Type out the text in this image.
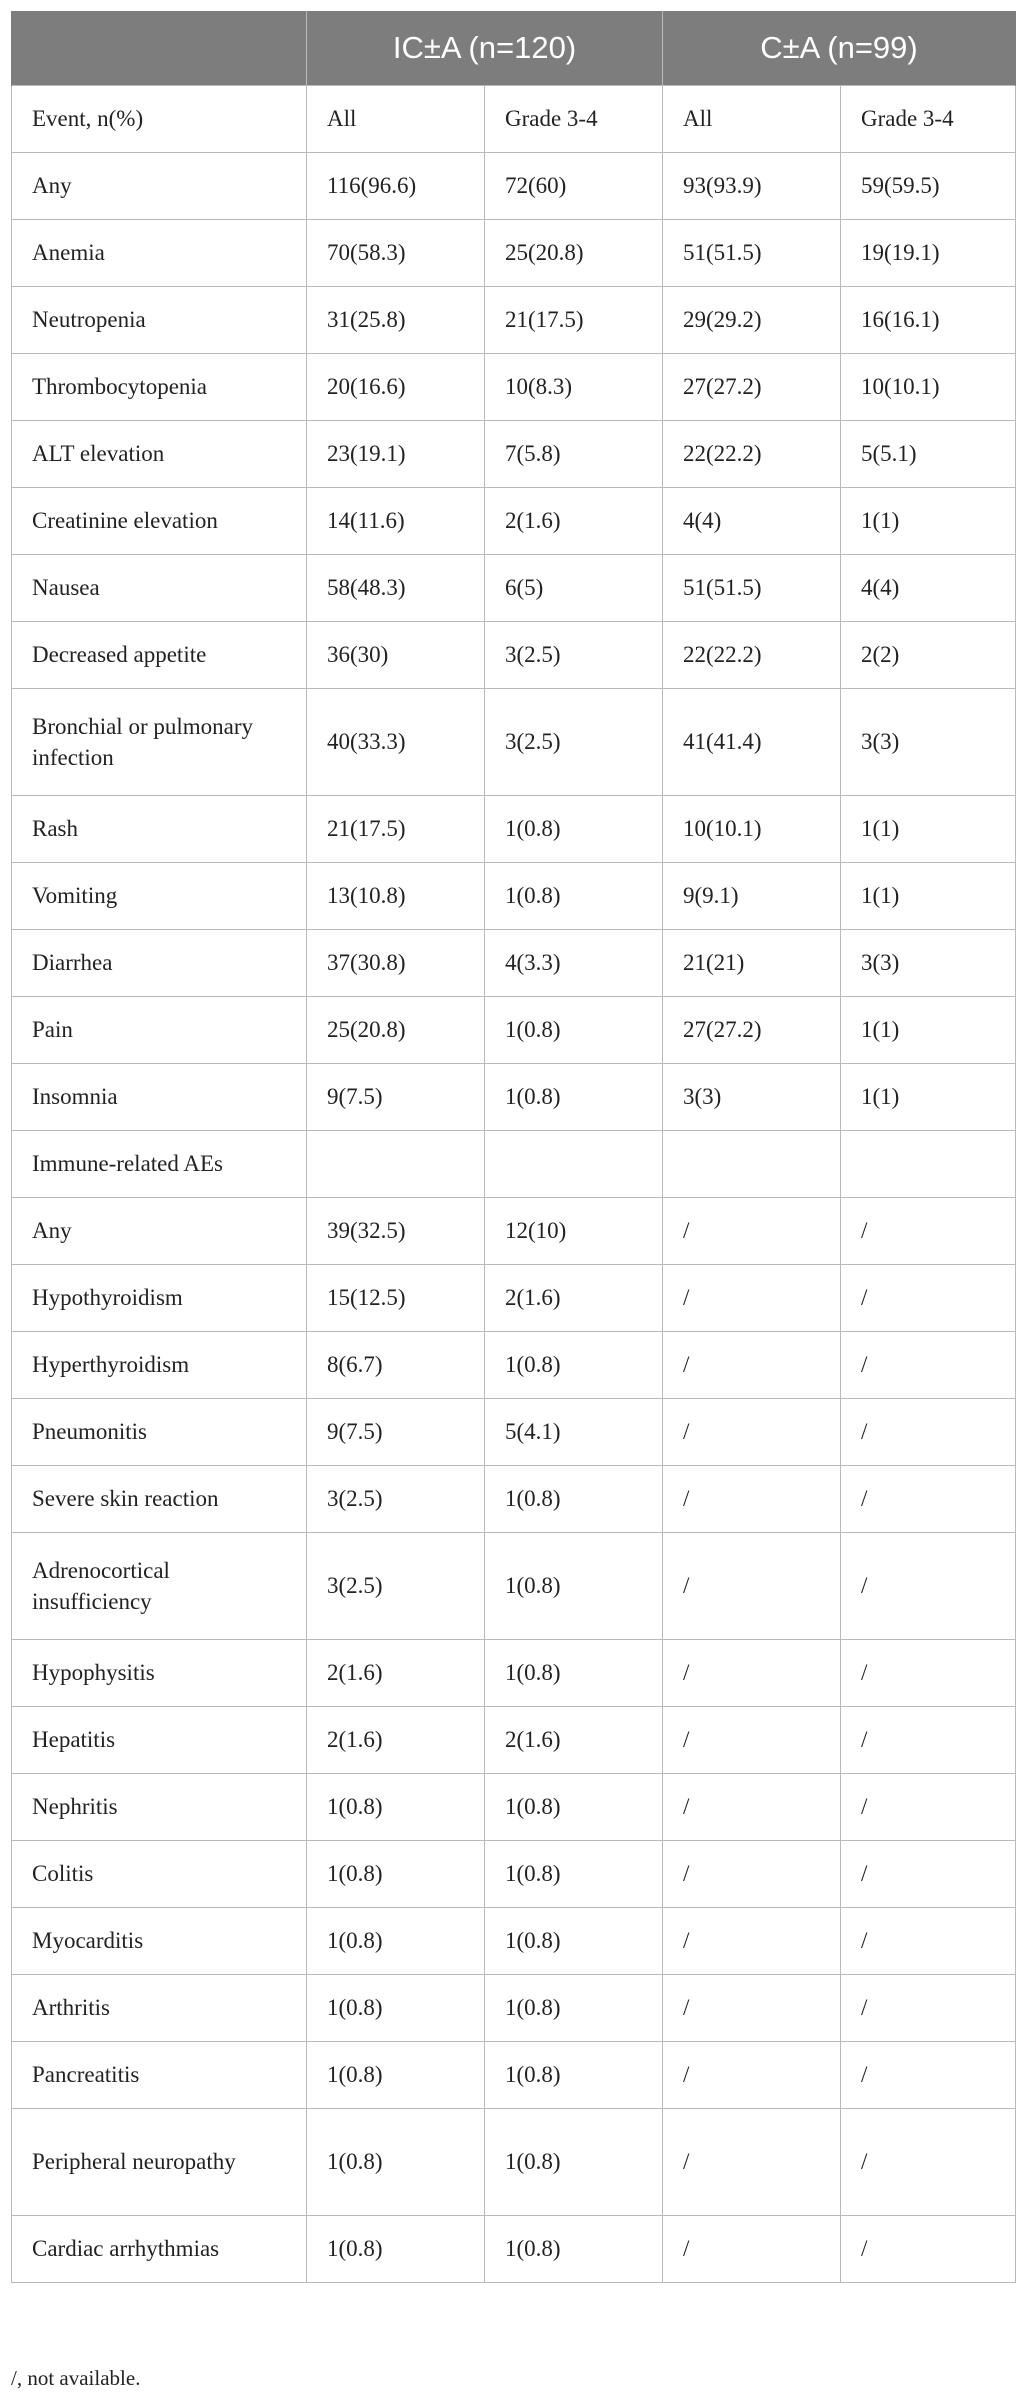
	IC±A (n=120)		C±A (n=99)	
Event, n(%)	All	Grade 3-4	All	Grade 3-4
Any	116(96.6)	72(60)	93(93.9)	59(59.5)
Anemia	70(58.3)	25(20.8)	51(51.5)	19(19.1)
Neutropenia	31(25.8)	21(17.5)	29(29.2)	16(16.1)
Thrombocytopenia	20(16.6)	10(8.3)	27(27.2)	10(10.1)
ALT elevation	23(19.1)	7(5.8)	22(22.2)	5(5.1)
Creatinine elevation	14(11.6)	2(1.6)	4(4)	1(1)
Nausea	58(48.3)	6(5)	51(51.5)	4(4)
Decreased appetite	36(30)	3(2.5)	22(22.2)	2(2)
Bronchial or pulmonary infection	40(33.3)	3(2.5)	41(41.4)	3(3)
Rash	21(17.5)	1(0.8)	10(10.1)	1(1)
Vomiting	13(10.8)	1(0.8)	9(9.1)	1(1)
Diarrhea	37(30.8)	4(3.3)	21(21)	3(3)
Pain	25(20.8)	1(0.8)	27(27.2)	1(1)
Insomnia	9(7.5)	1(0.8)	3(3)	1(1)
Immune-related AEs				
Any	39(32.5)	12(10)	/	/
Hypothyroidism	15(12.5)	2(1.6)	/	/
Hyperthyroidism	8(6.7)	1(0.8)	/	/
Pneumonitis	9(7.5)	5(4.1)	/	/
Severe skin reaction	3(2.5)	1(0.8)	/	/
Adrenocortical insufficiency	3(2.5)	1(0.8)	/	/
Hypophysitis	2(1.6)	1(0.8)	/	/
Hepatitis	2(1.6)	2(1.6)	/	/
Nephritis	1(0.8)	1(0.8)	/	/
Colitis	1(0.8)	1(0.8)	/	/
Myocarditis	1(0.8)	1(0.8)	/	/
Arthritis	1(0.8)	1(0.8)	/	/
Pancreatitis	1(0.8)	1(0.8)	/	/
Peripheral neuropathy	1(0.8)	1(0.8)	/	/
Cardiac arrhythmias	1(0.8)	1(0.8)	/	/
/, not available.
